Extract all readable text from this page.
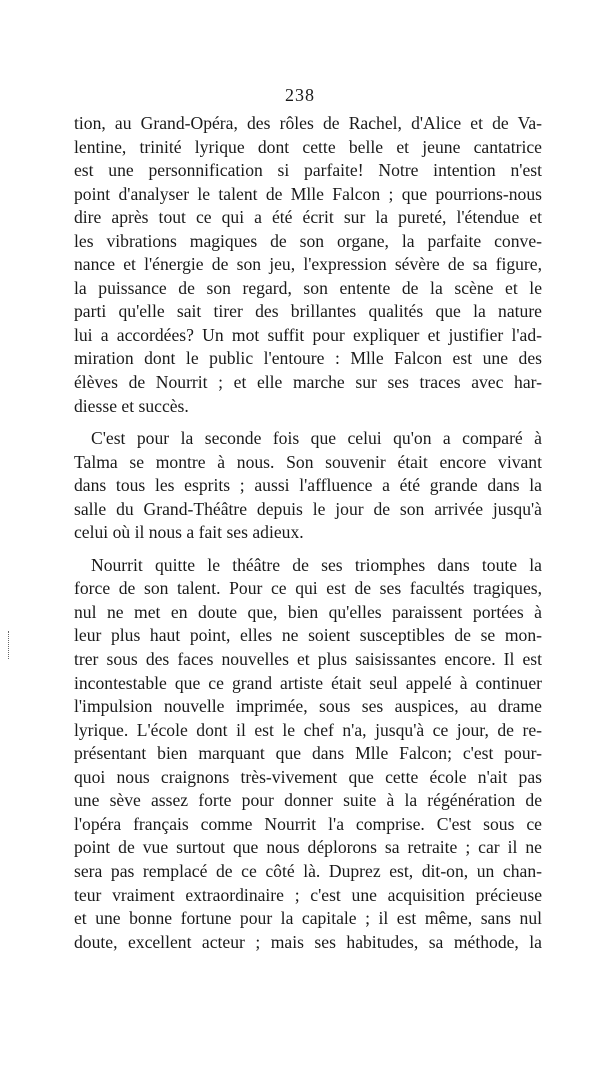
238
tion, au Grand-Opéra, des rôles de Rachel, d'Alice et de Va-
lentine, trinité lyrique dont cette belle et jeune cantatrice
est une personnification si parfaite! Notre intention n'est
point d'analyser le talent de Mlle Falcon ; que pourrions-nous
dire après tout ce qui a été écrit sur la pureté, l'étendue et
les vibrations magiques de son organe, la parfaite conve-
nance et l'énergie de son jeu, l'expression sévère de sa figure,
la puissance de son regard, son entente de la scène et le
parti qu'elle sait tirer des brillantes qualités que la nature
lui a accordées? Un mot suffit pour expliquer et justifier l'ad-
miration dont le public l'entoure : Mlle Falcon est une des
élèves de Nourrit ; et elle marche sur ses traces avec har-
diesse et succès.
C'est pour la seconde fois que celui qu'on a comparé à
Talma se montre à nous. Son souvenir était encore vivant
dans tous les esprits ; aussi l'affluence a été grande dans la
salle du Grand-Théâtre depuis le jour de son arrivée jusqu'à
celui où il nous a fait ses adieux.
Nourrit quitte le théâtre de ses triomphes dans toute la
force de son talent. Pour ce qui est de ses facultés tragiques,
nul ne met en doute que, bien qu'elles paraissent portées à
leur plus haut point, elles ne soient susceptibles de se mon-
trer sous des faces nouvelles et plus saisissantes encore. Il est
incontestable que ce grand artiste était seul appelé à continuer
l'impulsion nouvelle imprimée, sous ses auspices, au drame
lyrique. L'école dont il est le chef n'a, jusqu'à ce jour, de re-
présentant bien marquant que dans Mlle Falcon; c'est pour-
quoi nous craignons très-vivement que cette école n'ait pas
une sève assez forte pour donner suite à la régénération de
l'opéra français comme Nourrit l'a comprise. C'est sous ce
point de vue surtout que nous déplorons sa retraite ; car il ne
sera pas remplacé de ce côté là. Duprez est, dit-on, un chan-
teur vraiment extraordinaire ; c'est une acquisition précieuse
et une bonne fortune pour la capitale ; il est même, sans nul
doute, excellent acteur ; mais ses habitudes, sa méthode, la
